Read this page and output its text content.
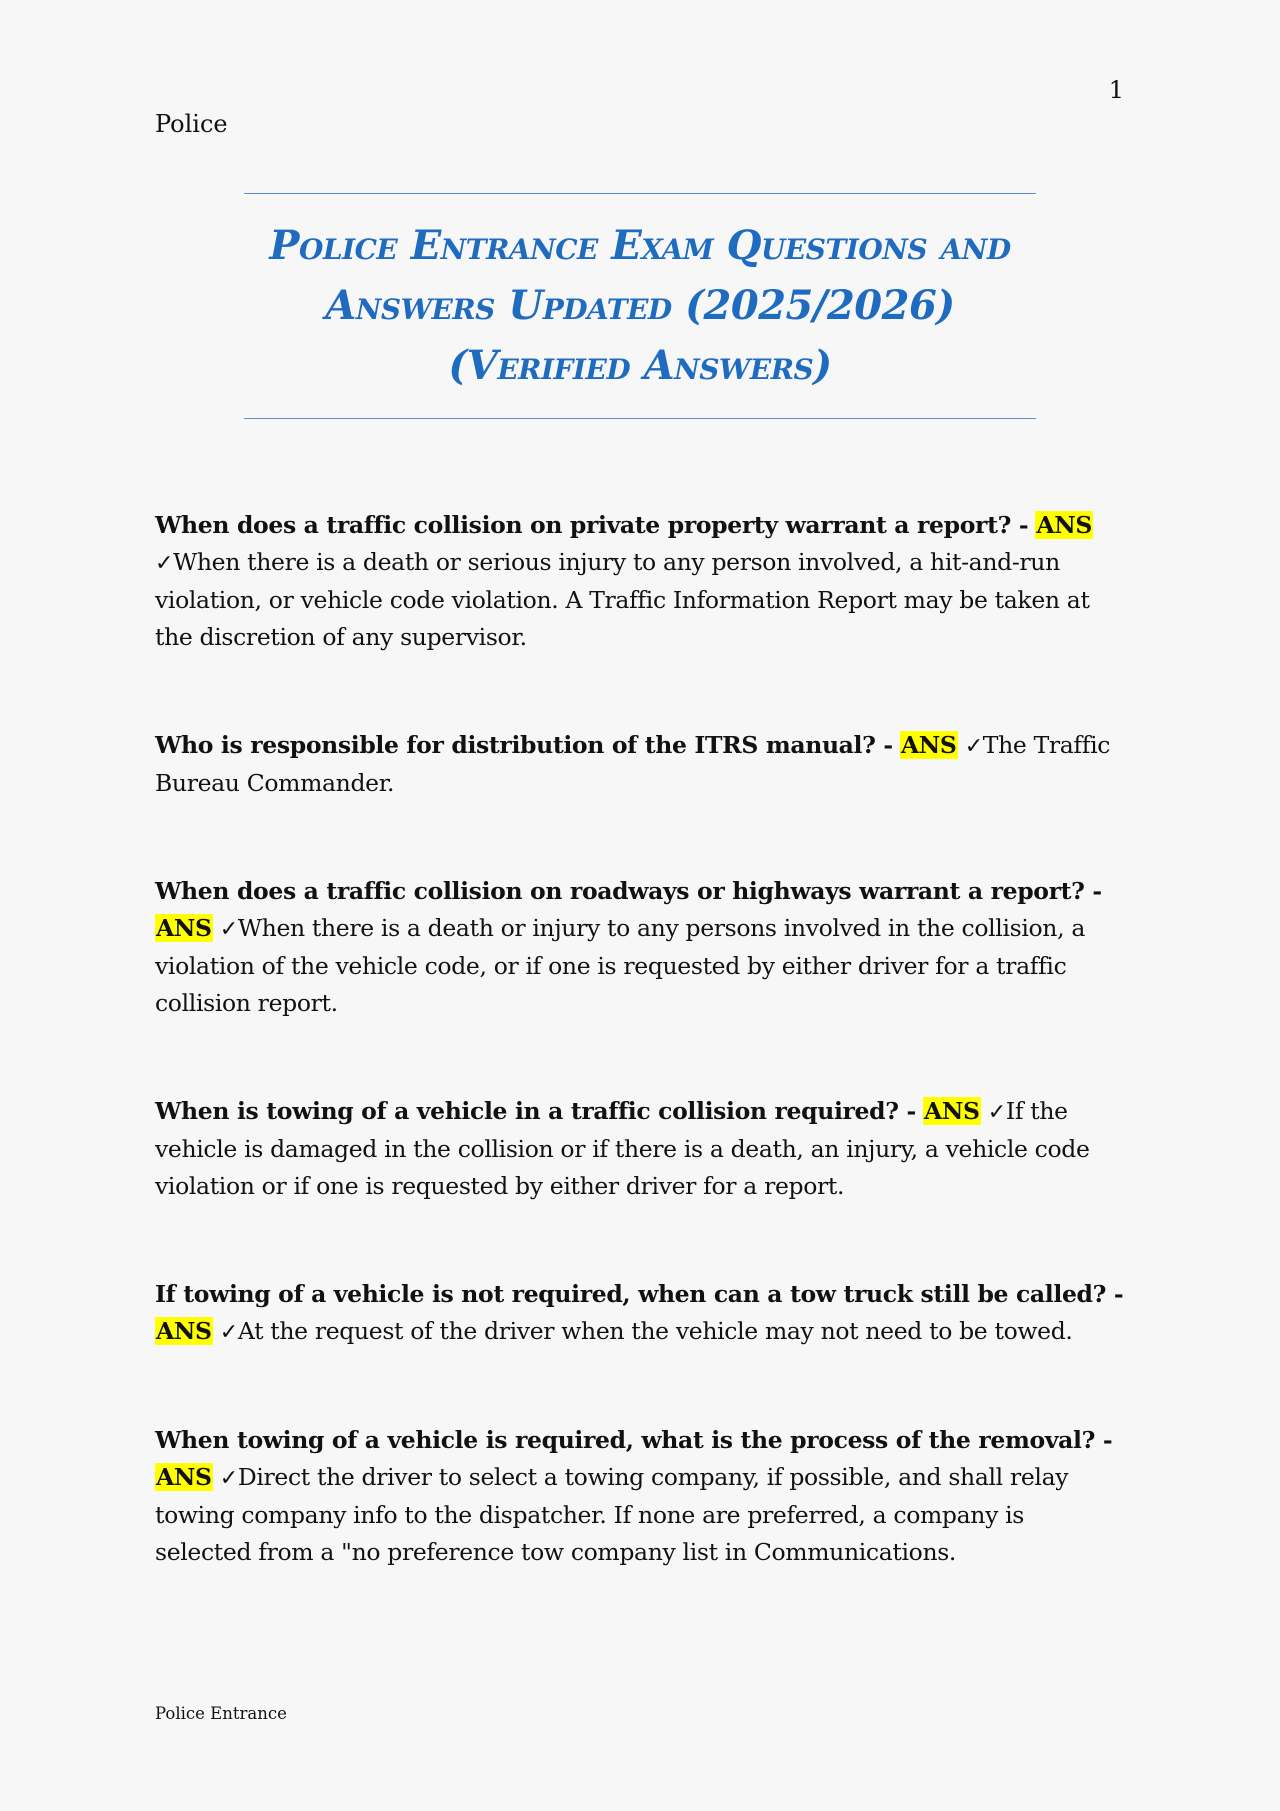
1
Police
Police Entrance Exam Questions and
Answers Updated (2025/2026)
(Verified Answers)

When does a traffic collision on private property warrant a report? - ANS ✓When there is a death or serious injury to any person involved, a hit-and-run violation, or vehicle code violation. A Traffic Information Report may be taken at the discretion of any supervisor.

Who is responsible for distribution of the ITRS manual? - ANS ✓The Traffic Bureau Commander.

When does a traffic collision on roadways or highways warrant a report? - ANS ✓When there is a death or injury to any persons involved in the collision, a violation of the vehicle code, or if one is requested by either driver for a traffic collision report.

When is towing of a vehicle in a traffic collision required? - ANS ✓If the vehicle is damaged in the collision or if there is a death, an injury, a vehicle code violation or if one is requested by either driver for a report.

If towing of a vehicle is not required, when can a tow truck still be called? - ANS ✓At the request of the driver when the vehicle may not need to be towed.

When towing of a vehicle is required, what is the process of the removal? - ANS ✓Direct the driver to select a towing company, if possible, and shall relay towing company info to the dispatcher. If none are preferred, a company is selected from a "no preference tow company list in Communications.

Police Entrance
